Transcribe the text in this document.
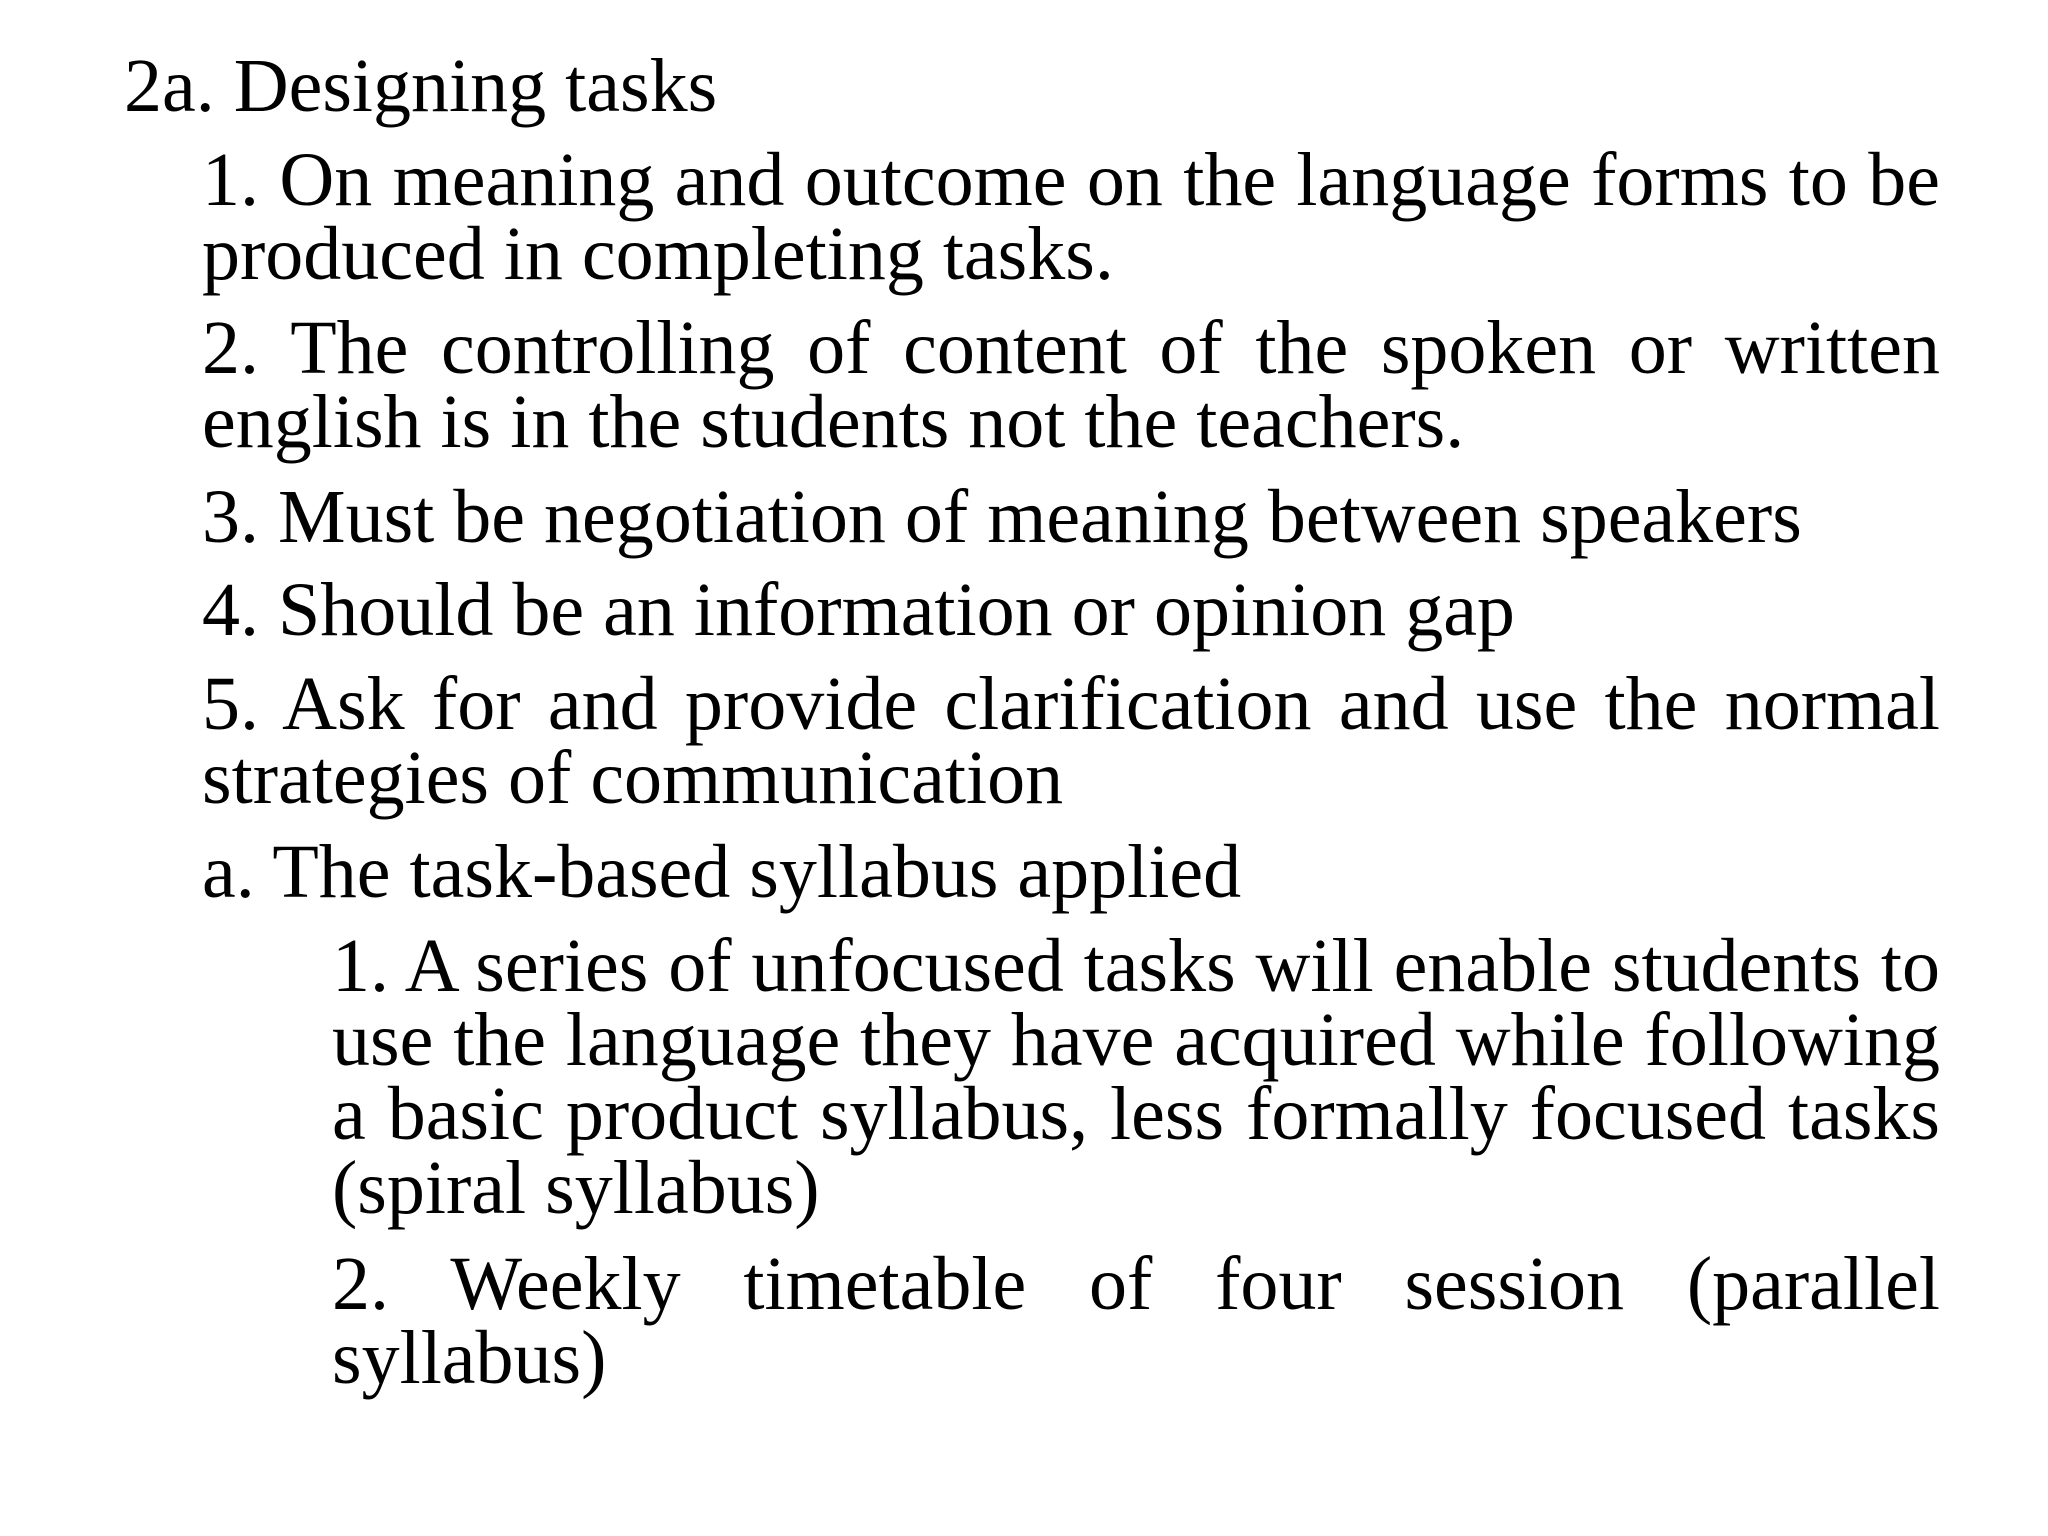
2a. Designing tasks

1. On meaning and outcome on the language forms to be produced in completing tasks.

2. The controlling of content of the spoken or written english is in the students not the teachers.

3. Must be negotiation of meaning between speakers

4. Should be an information or opinion gap

5. Ask for and provide clarification and use the normal strategies of communication

a. The task-based syllabus applied

1. A series of unfocused tasks will enable students to use the language they have acquired while following a basic product syllabus, less formally focused tasks (spiral syllabus)

2. Weekly timetable of four session (parallel syllabus)
